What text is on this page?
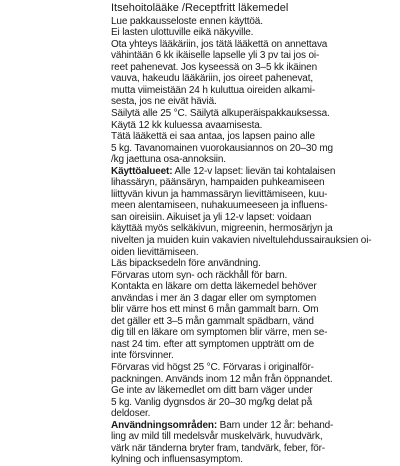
Itsehoitolääke /Receptfritt läkemedel
Lue pakkausseloste ennen käyttöä.
Ei lasten ulottuville eikä näkyville.
Ota yhteys lääkäriin, jos tätä lääkettä on annettava
vähintään 6 kk ikäiselle lapselle yli 3 pv tai jos oi-
reet pahenevat. Jos kyseessä on 3–5 kk ikäinen
vauva, hakeudu lääkäriin, jos oireet pahenevat,
mutta viimeistään 24 h kuluttua oireiden alkami-
sesta, jos ne eivät häviä.
Säilytä alle 25 °C. Säilytä alkuperäispakkauksessa.
Käytä 12 kk kuluessa avaamisesta.
Tätä lääkettä ei saa antaa, jos lapsen paino alle
5 kg. Tavanomainen vuorokausiannos on 20–30 mg
/kg jaettuna osa-annoksiin.
Käyttöalueet: Alle 12-v lapset: lievän tai kohtalaisen
lihassäryn, päänsäryn, hampaiden puhkeamiseen
liittyvän kivun ja hammassäryn lievittämiseen, kuu-
meen alentamiseen, nuhakuumeeseen ja influens-
san oireisiin. Aikuiset ja yli 12-v lapset: voidaan
käyttää myös selkäkivun, migreenin, hermosärjyn ja
nivelten ja muiden kuin vakavien niveltulehdussairauksien oi-
oiden lievittämiseen.
Läs bipacksedeln före användning.
Förvaras utom syn- och räckhåll för barn.
Kontakta en läkare om detta läkemedel behöver
användas i mer än 3 dagar eller om symptomen
blir värre hos ett minst 6 mån gammalt barn. Om
det gäller ett 3–5 mån gammalt spädbarn, vänd
dig till en läkare om symptomen blir värre, men se-
nast 24 tim. efter att symptomen uppträtt om de
inte försvinner.
Förvaras vid högst 25 °C. Förvaras i originalför-
packningen. Används inom 12 mån från öppnandet.
Ge inte av läkemedlet om ditt barn väger under
5 kg. Vanlig dygnsdos är 20–30 mg/kg delat på
deldoser.
Användningsområden: Barn under 12 år: behand-
ling av mild till medelsvår muskelvärk, huvudvärk,
värk när tänderna bryter fram, tandvärk, feber, för-
kylning och influensasymptom.
